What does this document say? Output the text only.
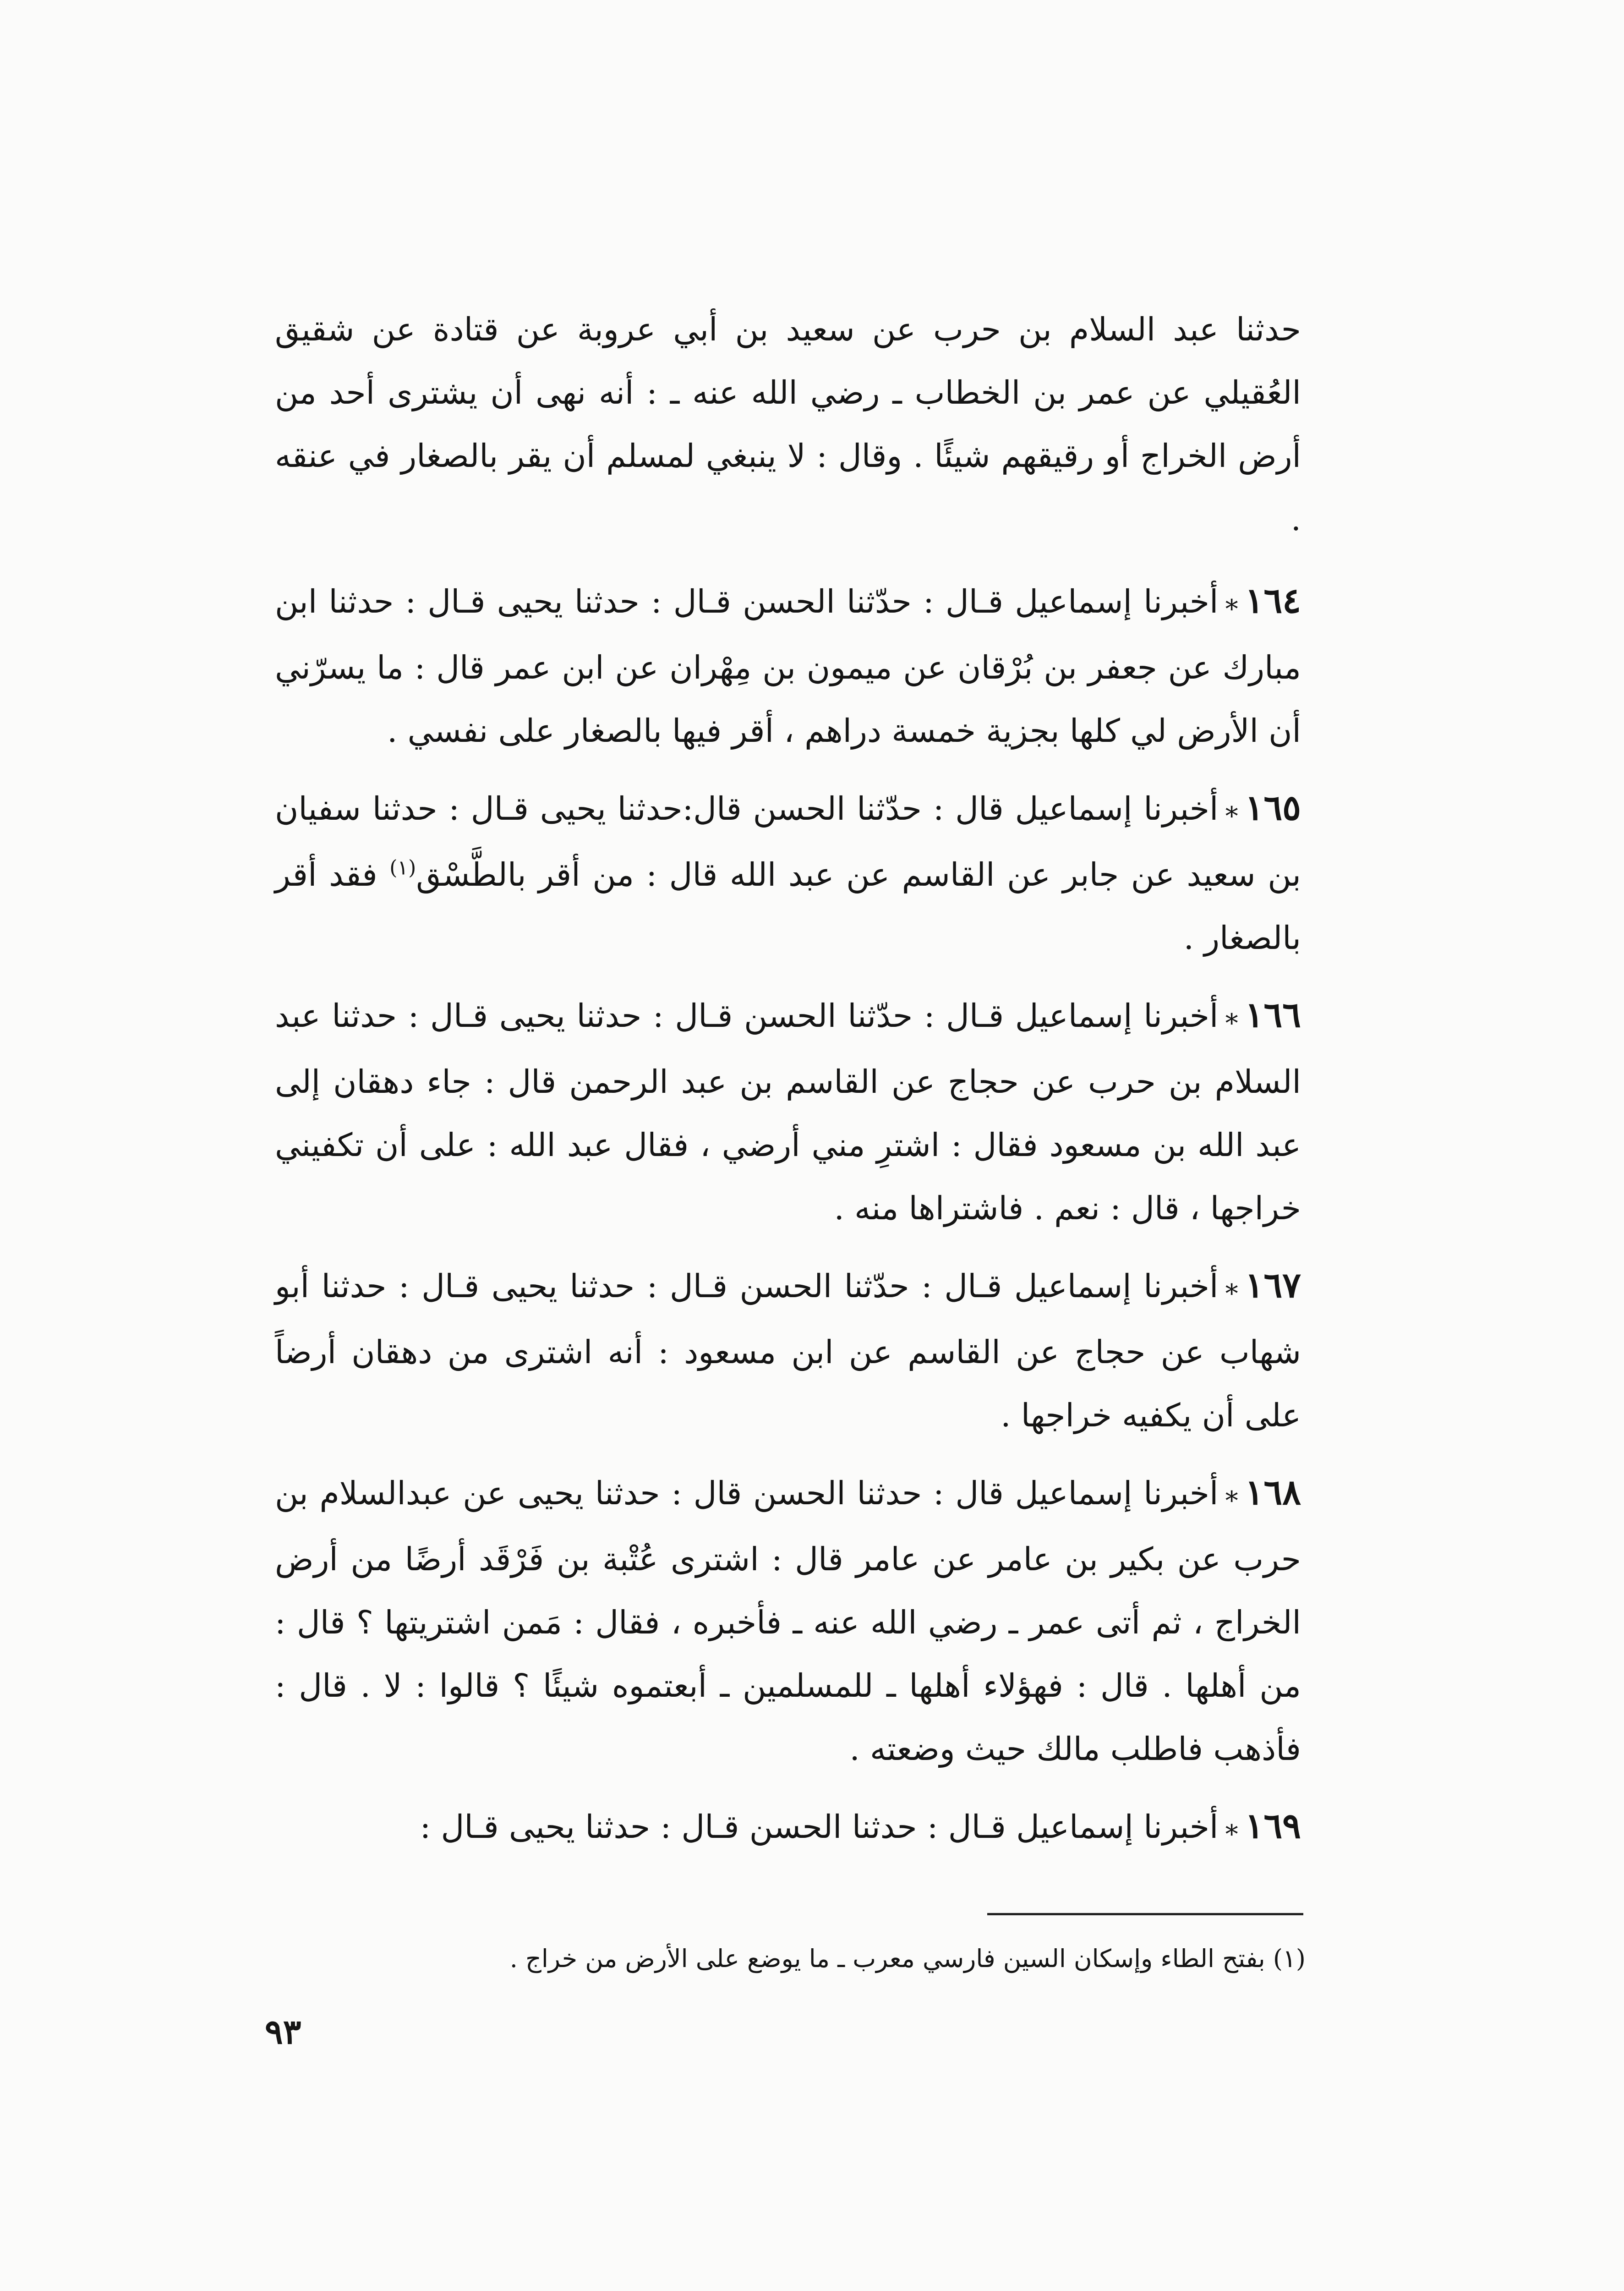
حدثنا عبد السلام بن حرب عن سعيد بن أبي عروبة عن قتادة عن شقيق العُقيلي عن عمر بن الخطاب ـ رضي الله عنه ـ : أنه نهى أن يشترى أحد من أرض الخراج أو رقيقهم شيئًا . وقال : لا ينبغي لمسلم أن يقر بالصغار في عنقه .

١٦٤∗أخبرنا إسماعيل قـال : حدّثنا الحسن قـال : حدثنا يحيى قـال : حدثنا ابن مبارك عن جعفر بن بُرْقان عن ميمون بن مِهْران عن ابن عمر قال : ما يسرّني أن الأرض لي كلها بجزية خمسة دراهم ، أقر فيها بالصغار على نفسي .

١٦٥∗أخبرنا إسماعيل قال : حدّثنا الحسن قال:حدثنا يحيى قـال : حدثنا سفيان بن سعيد عن جابر عن القاسم عن عبد الله قال : من أقر بالطَّسْق$^{(١)}$ فقد أقر بالصغار .

١٦٦∗أخبرنا إسماعيل قـال : حدّثنا الحسن قـال : حدثنا يحيى قـال : حدثنا عبد السلام بن حرب عن حجاج عن القاسم بن عبد الرحمن قال : جاء دهقان إلى عبد الله بن مسعود فقال : اشترِ مني أرضي ، فقال عبد الله : على أن تكفيني خراجها ، قال : نعم . فاشتراها منه .

١٦٧∗أخبرنا إسماعيل قـال : حدّثنا الحسن قـال : حدثنا يحيى قـال : حدثنا أبو شهاب عن حجاج عن القاسم عن ابن مسعود : أنه اشترى من دهقان أرضاً على أن يكفيه خراجها .

١٦٨∗أخبرنا إسماعيل قال : حدثنا الحسن قال : حدثنا يحيى عن عبدالسلام بن حرب عن بكير بن عامر عن عامر قال : اشترى عُتْبة بن فَرْقَد أرضًا من أرض الخراج ، ثم أتى عمر ـ رضي الله عنه ـ فأخبره ، فقال : مَمن اشتريتها ؟ قال : من أهلها . قال : فهؤلاء أهلها ـ للمسلمين ـ أبعتموه شيئًا ؟ قالوا : لا . قال : فأذهب فاطلب مالك حيث وضعته .

١٦٩∗أخبرنا إسماعيل قـال : حدثنا الحسن قـال : حدثنا يحيى قـال :

(١) بفتح الطاء وإسكان السين فارسي معرب ـ ما يوضع على الأرض من خراج .
٩٣
